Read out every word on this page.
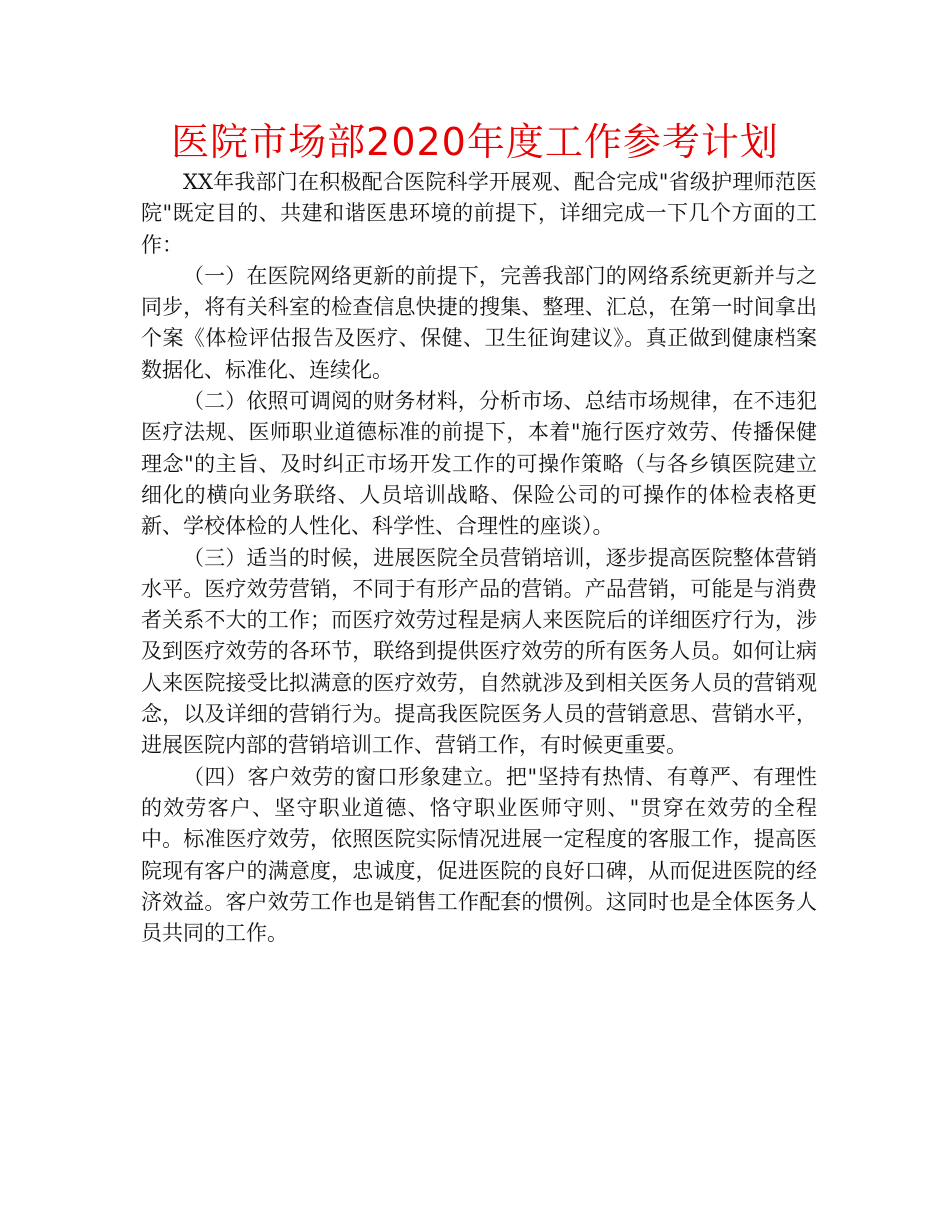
医院市场部2020年度工作参考计划

XX年我部门在积极配合医院科学开展观、配合完成"省级护理师范医院"既定目的、共建和谐医患环境的前提下，详细完成一下几个方面的工作：

（一）在医院网络更新的前提下，完善我部门的网络系统更新并与之同步，将有关科室的检查信息快捷的搜集、整理、汇总，在第一时间拿出个案《体检评估报告及医疗、保健、卫生征询建议》。真正做到健康档案数据化、标准化、连续化。

（二）依照可调阅的财务材料，分析市场、总结市场规律，在不违犯医疗法规、医师职业道德标准的前提下，本着"施行医疗效劳、传播保健理念"的主旨、及时纠正市场开发工作的可操作策略（与各乡镇医院建立细化的横向业务联络、人员培训战略、保险公司的可操作的体检表格更新、学校体检的人性化、科学性、合理性的座谈）。

（三）适当的时候，进展医院全员营销培训，逐步提高医院整体营销水平。医疗效劳营销，不同于有形产品的营销。产品营销，可能是与消费者关系不大的工作；而医疗效劳过程是病人来医院后的详细医疗行为，涉及到医疗效劳的各环节，联络到提供医疗效劳的所有医务人员。如何让病人来医院接受比拟满意的医疗效劳，自然就涉及到相关医务人员的营销观念，以及详细的营销行为。提高我医院医务人员的营销意思、营销水平，进展医院内部的营销培训工作、营销工作，有时候更重要。

（四）客户效劳的窗口形象建立。把"坚持有热情、有尊严、有理性的效劳客户、坚守职业道德、恪守职业医师守则、"贯穿在效劳的全程中。标准医疗效劳，依照医院实际情况进展一定程度的客服工作，提高医院现有客户的满意度，忠诚度，促进医院的良好口碑，从而促进医院的经济效益。客户效劳工作也是销售工作配套的惯例。这同时也是全体医务人员共同的工作。
